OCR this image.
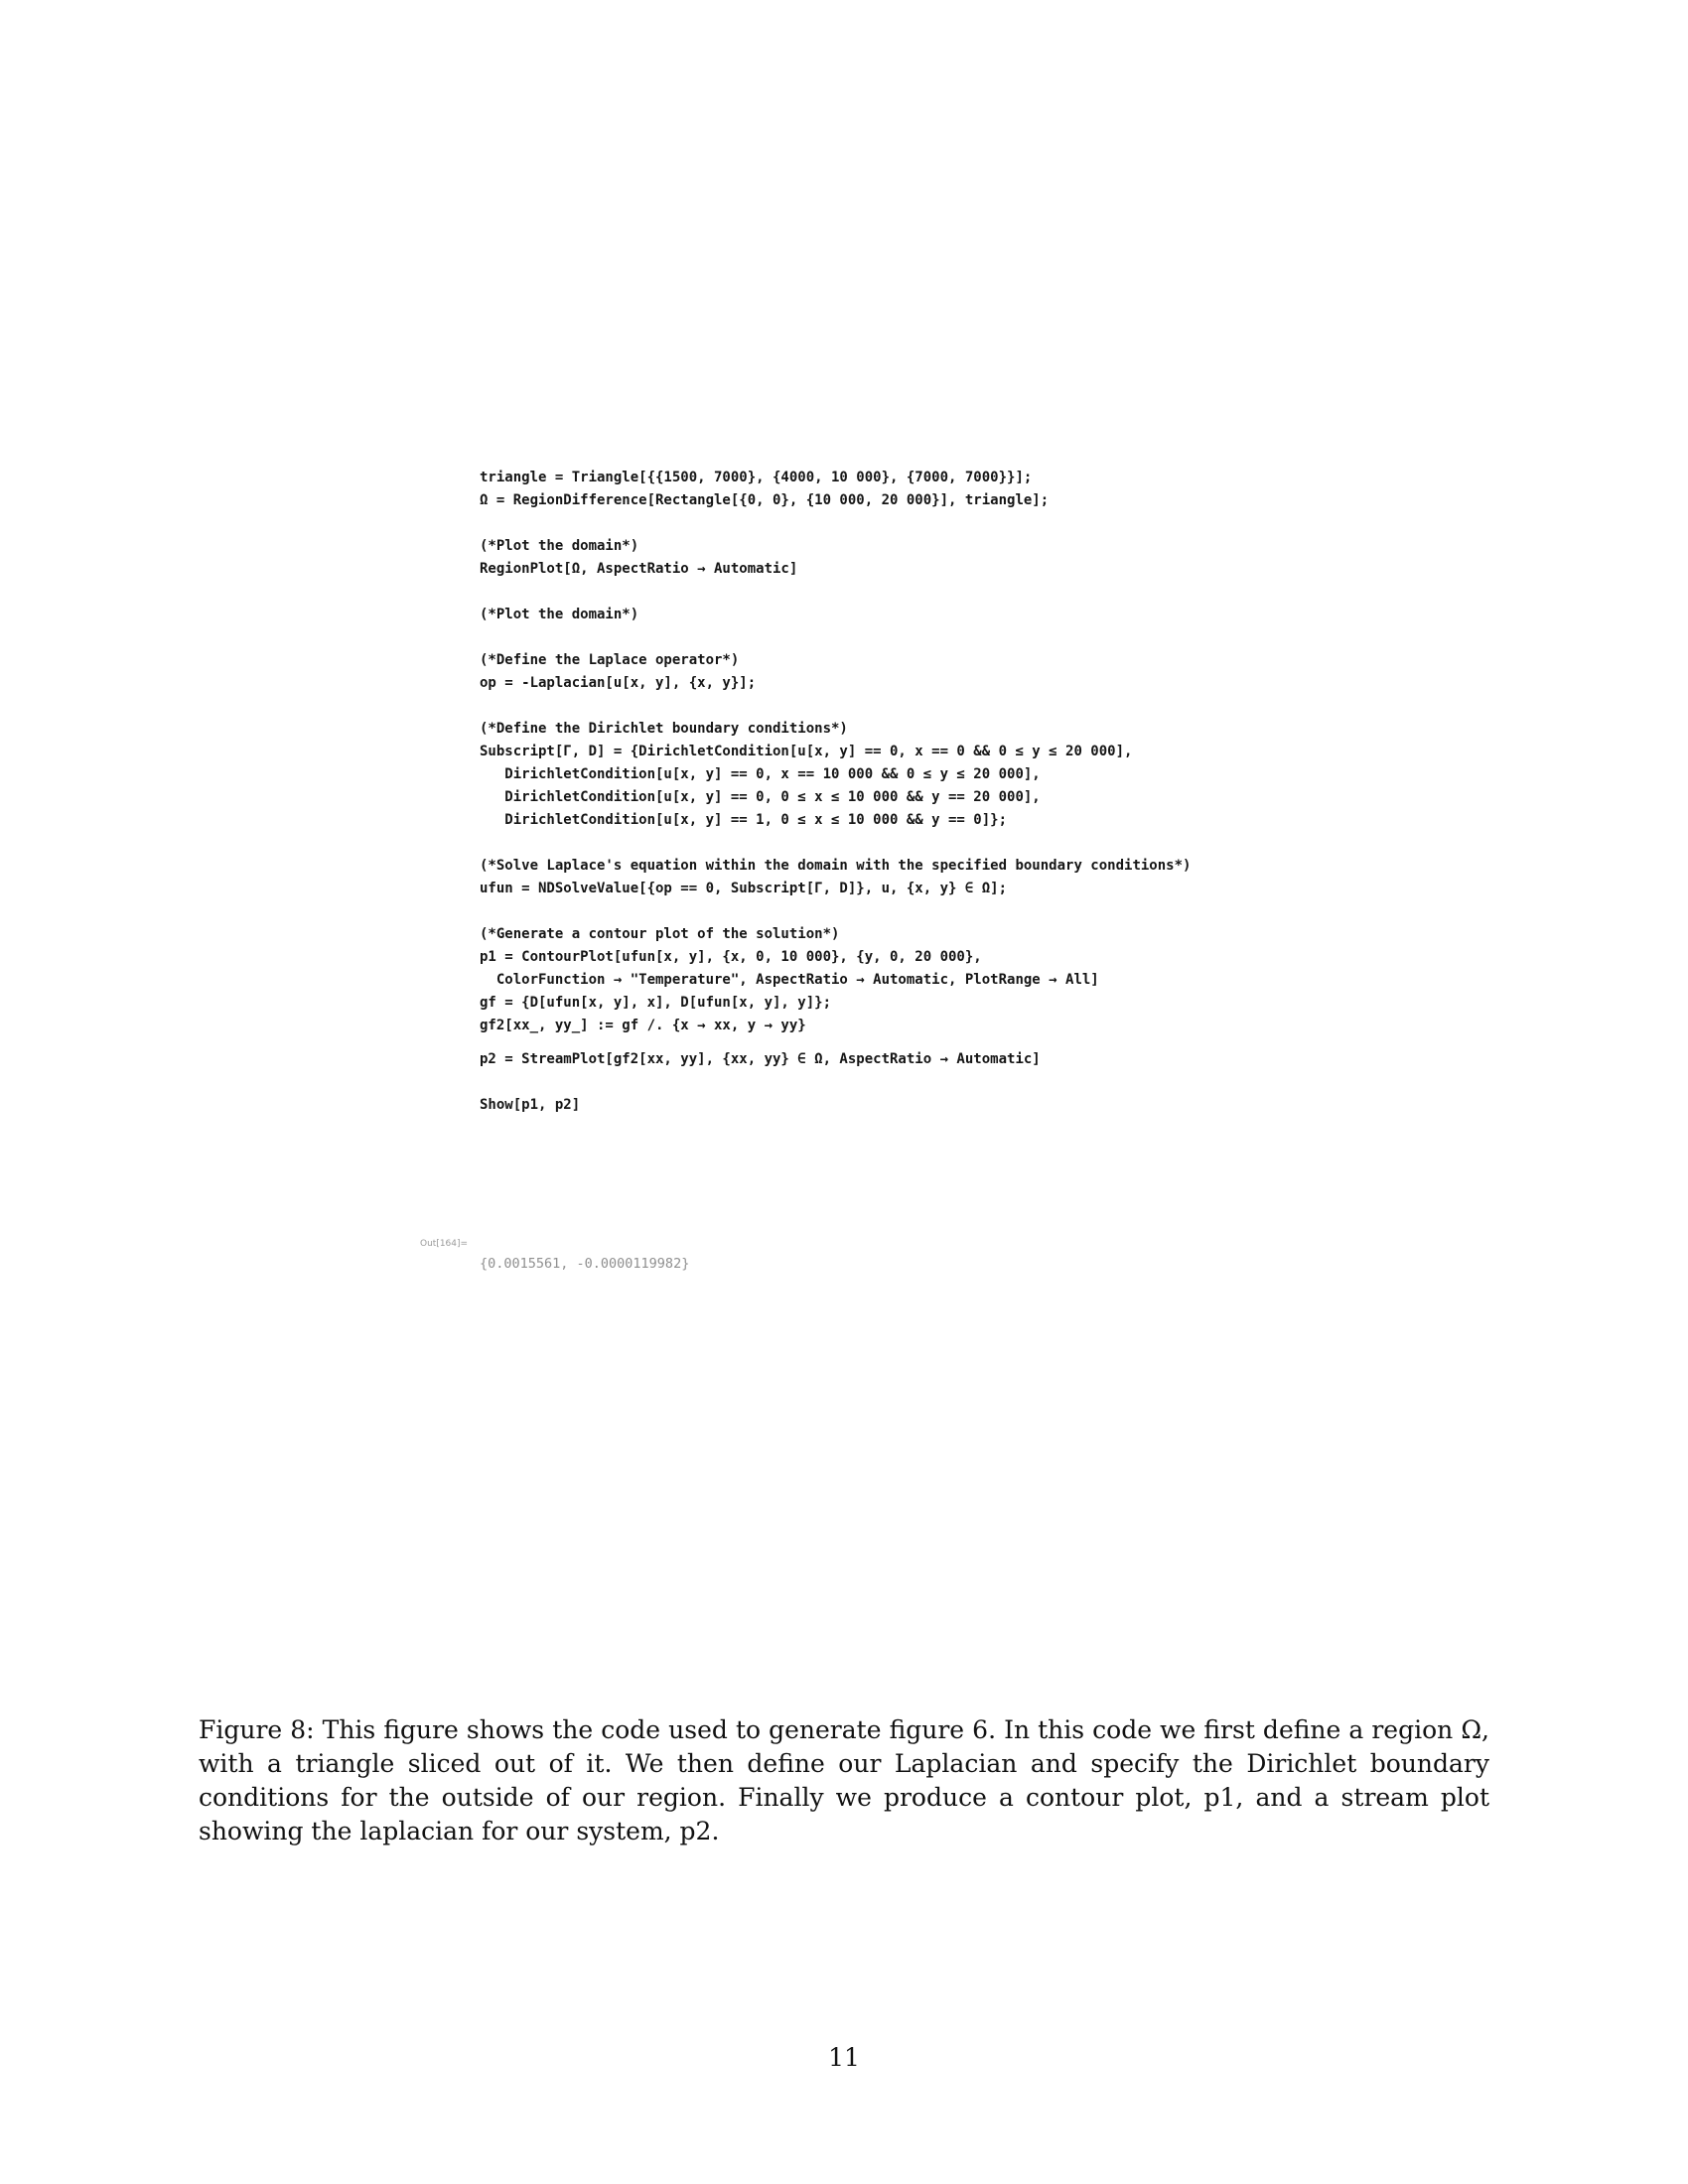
triangle = Triangle[{{1500, 7000}, {4000, 10 000}, {7000, 7000}}];
Ω = RegionDifference[Rectangle[{0, 0}, {10 000, 20 000}], triangle];
(*Plot the domain*)
RegionPlot[Ω, AspectRatio → Automatic]
(*Plot the domain*)
(*Define the Laplace operator*)
op = -Laplacian[u[x, y], {x, y}];
(*Define the Dirichlet boundary conditions*)
Subscript[Γ, D] = {DirichletCondition[u[x, y] == 0, x == 0 && 0 ≤ y ≤ 20 000],
DirichletCondition[u[x, y] == 0, x == 10 000 && 0 ≤ y ≤ 20 000],
DirichletCondition[u[x, y] == 0, 0 ≤ x ≤ 10 000 && y == 20 000],
DirichletCondition[u[x, y] == 1, 0 ≤ x ≤ 10 000 && y == 0]};
(*Solve Laplace's equation within the domain with the specified boundary conditions*)
ufun = NDSolveValue[{op == 0, Subscript[Γ, D]}, u, {x, y} ∈ Ω];
(*Generate a contour plot of the solution*)
p1 = ContourPlot[ufun[x, y], {x, 0, 10 000}, {y, 0, 20 000},
ColorFunction → "Temperature", AspectRatio → Automatic, PlotRange → All]
gf = {D[ufun[x, y], x], D[ufun[x, y], y]};
gf2[xx_, yy_] := gf /. {x → xx, y → yy}
p2 = StreamPlot[gf2[xx, yy], {xx, yy} ∈ Ω, AspectRatio → Automatic]
Show[p1, p2]
Out[164]=
{0.0015561, -0.0000119982}
Figure 8: This figure shows the code used to generate figure 6. In this code we first define a region Ω, with a triangle sliced out of it. We then define our Laplacian and specify the Dirichlet boundary conditions for the outside of our region. Finally we produce a contour plot, p1, and a stream plot showing the laplacian for our system, p2.
11
